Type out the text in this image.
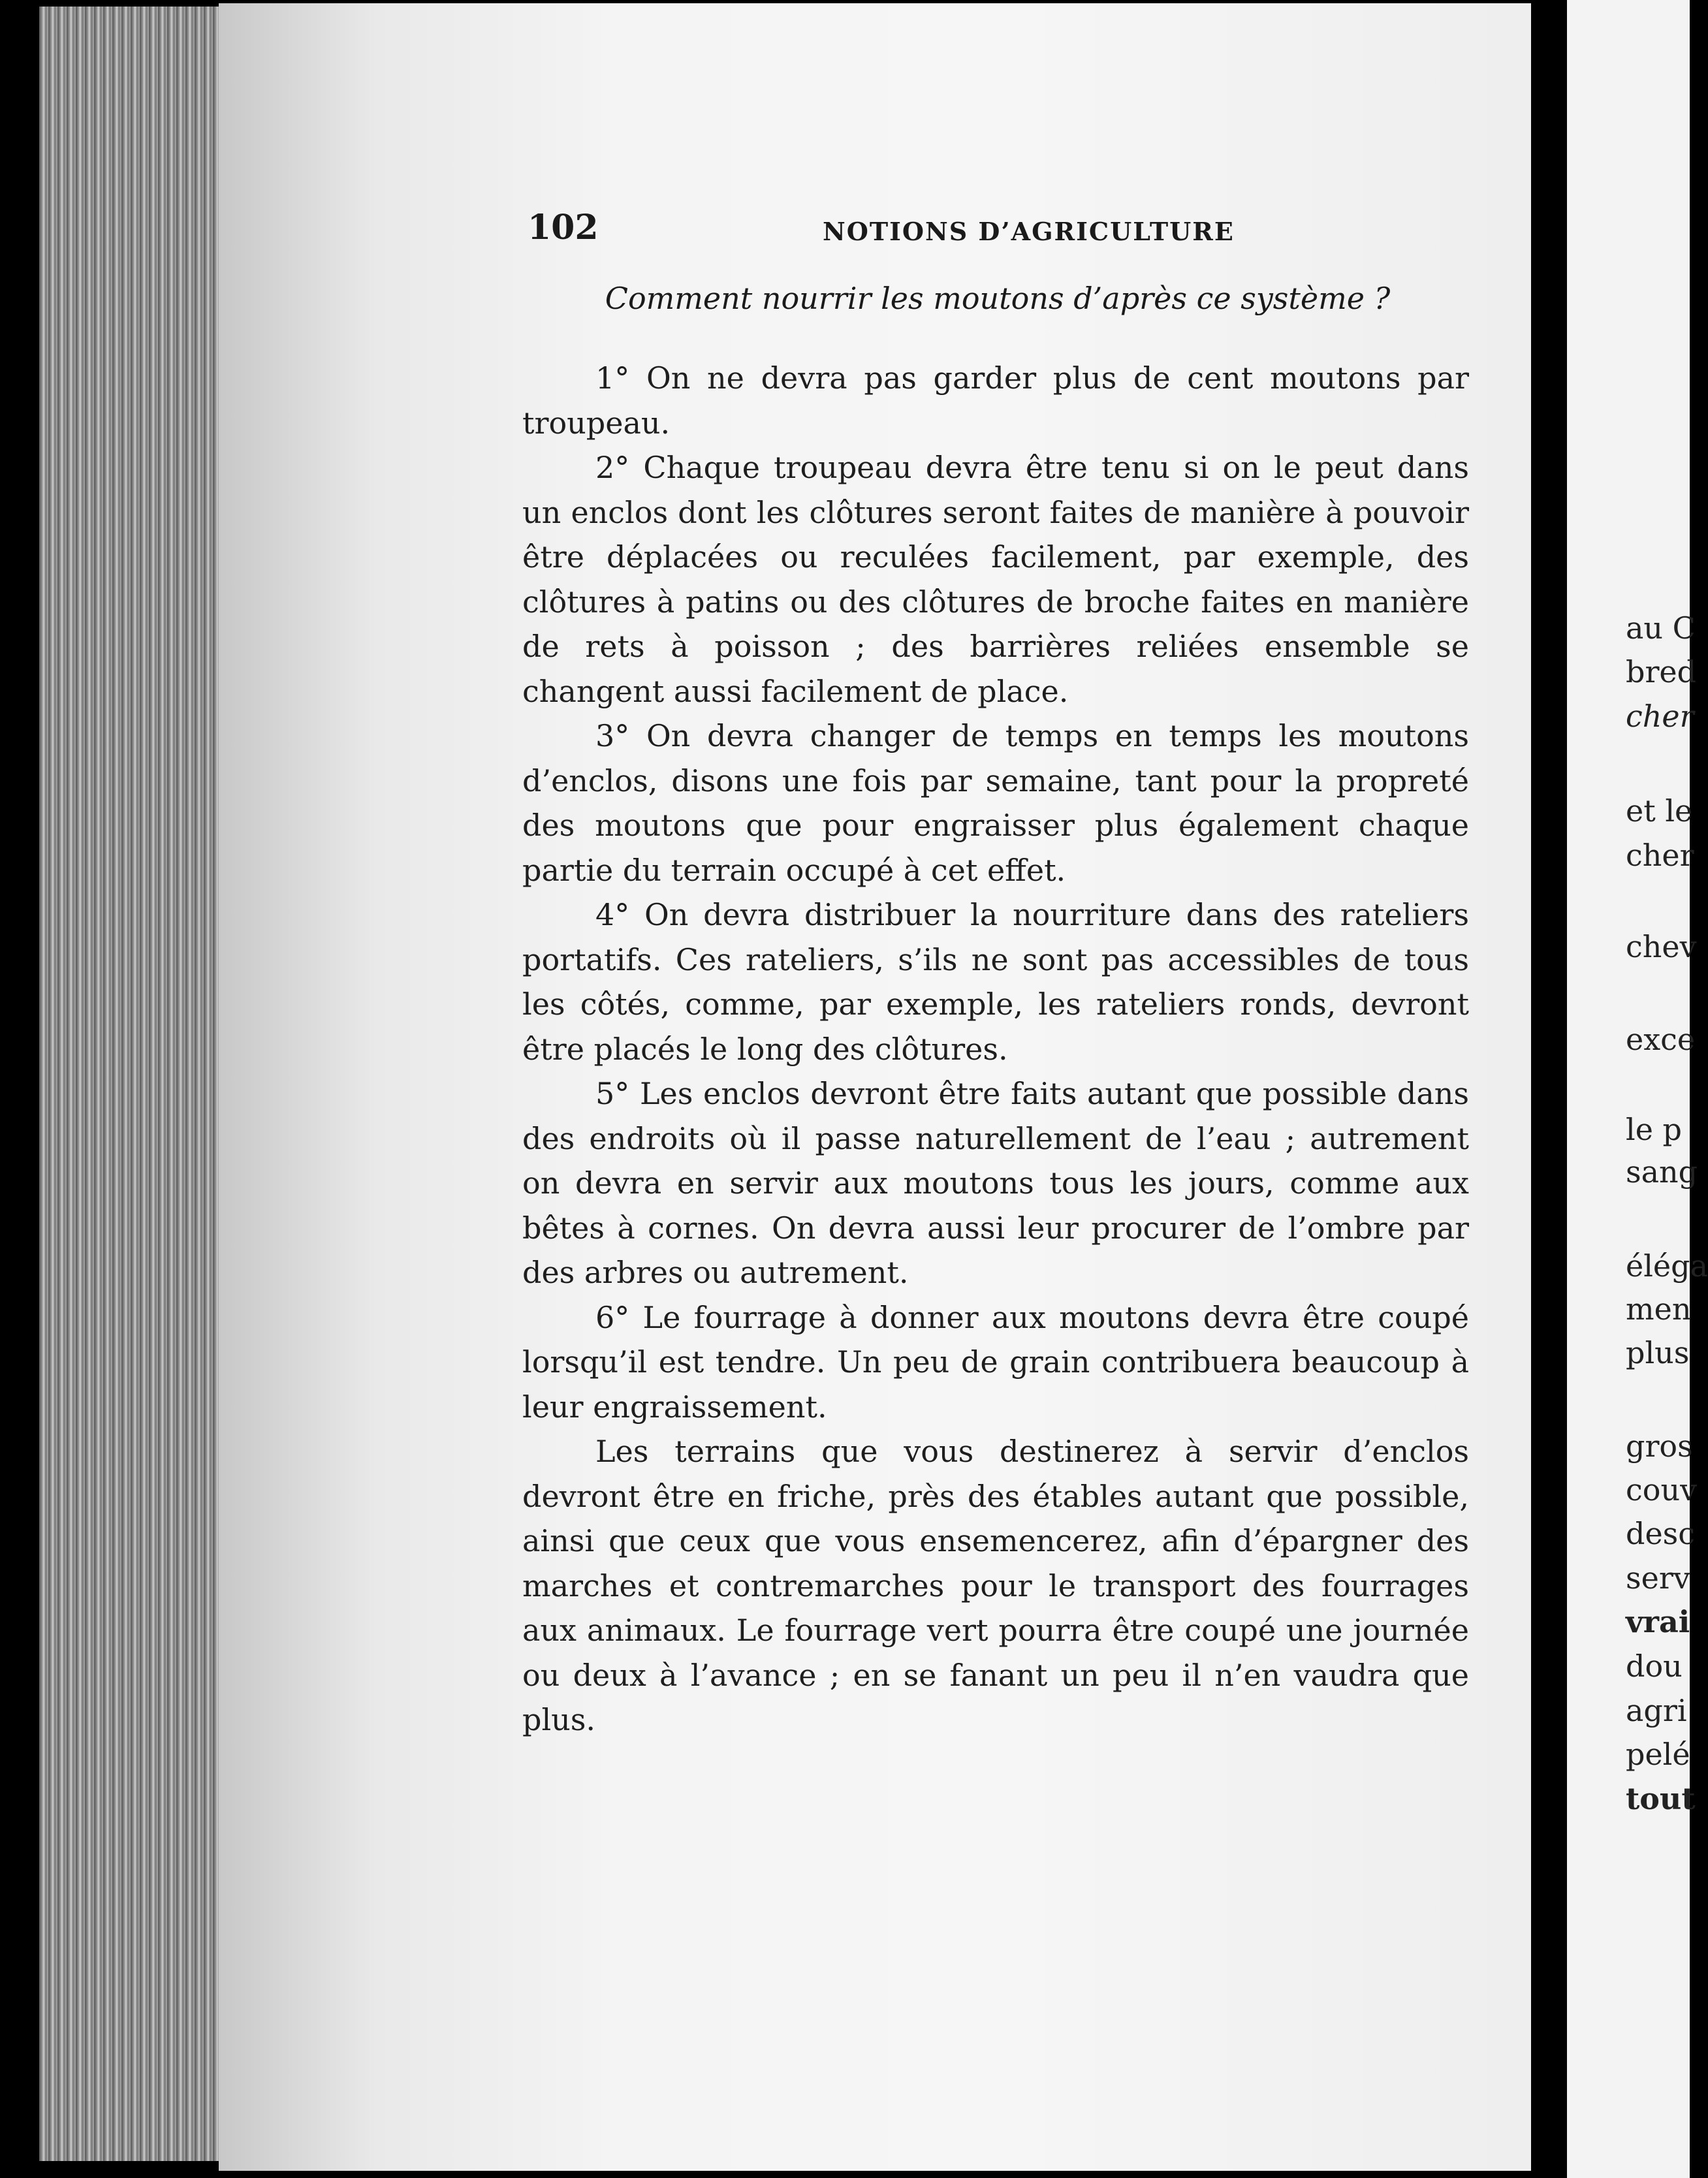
102	NOTIONS D’AGRICULTURE
Comment nourrir les moutons d’après ce système ?

1° On ne devra pas garder plus de cent moutons par troupeau.

2° Chaque troupeau devra être tenu si on le peut dans un enclos dont les clôtures seront faites de manière à pouvoir être déplacées ou reculées facilement, par exemple, des clôtures à patins ou des clôtures de broche faites en manière de rets à poisson ; des barrières reliées ensemble se changent aussi facilement de place.

3° On devra changer de temps en temps les moutons d’enclos, disons une fois par semaine, tant pour la propreté des moutons que pour engraisser plus également chaque partie du terrain occupé à cet effet.

4° On devra distribuer la nourriture dans des rateliers portatifs. Ces rateliers, s’ils ne sont pas accessibles de tous les côtés, comme, par exemple, les rateliers ronds, devront être placés le long des clôtures.

5° Les enclos devront être faits autant que possible dans des endroits où il passe naturellement de l’eau ; autrement on devra en servir aux moutons tous les jours, comme aux bêtes à cornes. On devra aussi leur procurer de l’ombre par des arbres ou autrement.

6° Le fourrage à donner aux moutons devra être coupé lorsqu’il est tendre. Un peu de grain contribuera beaucoup à leur engraissement.

Les terrains que vous destinerez à servir d’enclos devront être en friche, près des étables autant que possible, ainsi que ceux que vous ensemencerez, afin d’épargner des marches et contremarches pour le transport des fourrages aux animaux. Le fourrage vert pourra être coupé une journée ou deux à l’avance ; en se fanant un peu il n’en vaudra que plus.

au C
bred
cher
et le
cher
chev
exce
le p
sang
éléga
men
plus
gros
couv
desc
serv
vrai
dou
agri
pelé
tout
